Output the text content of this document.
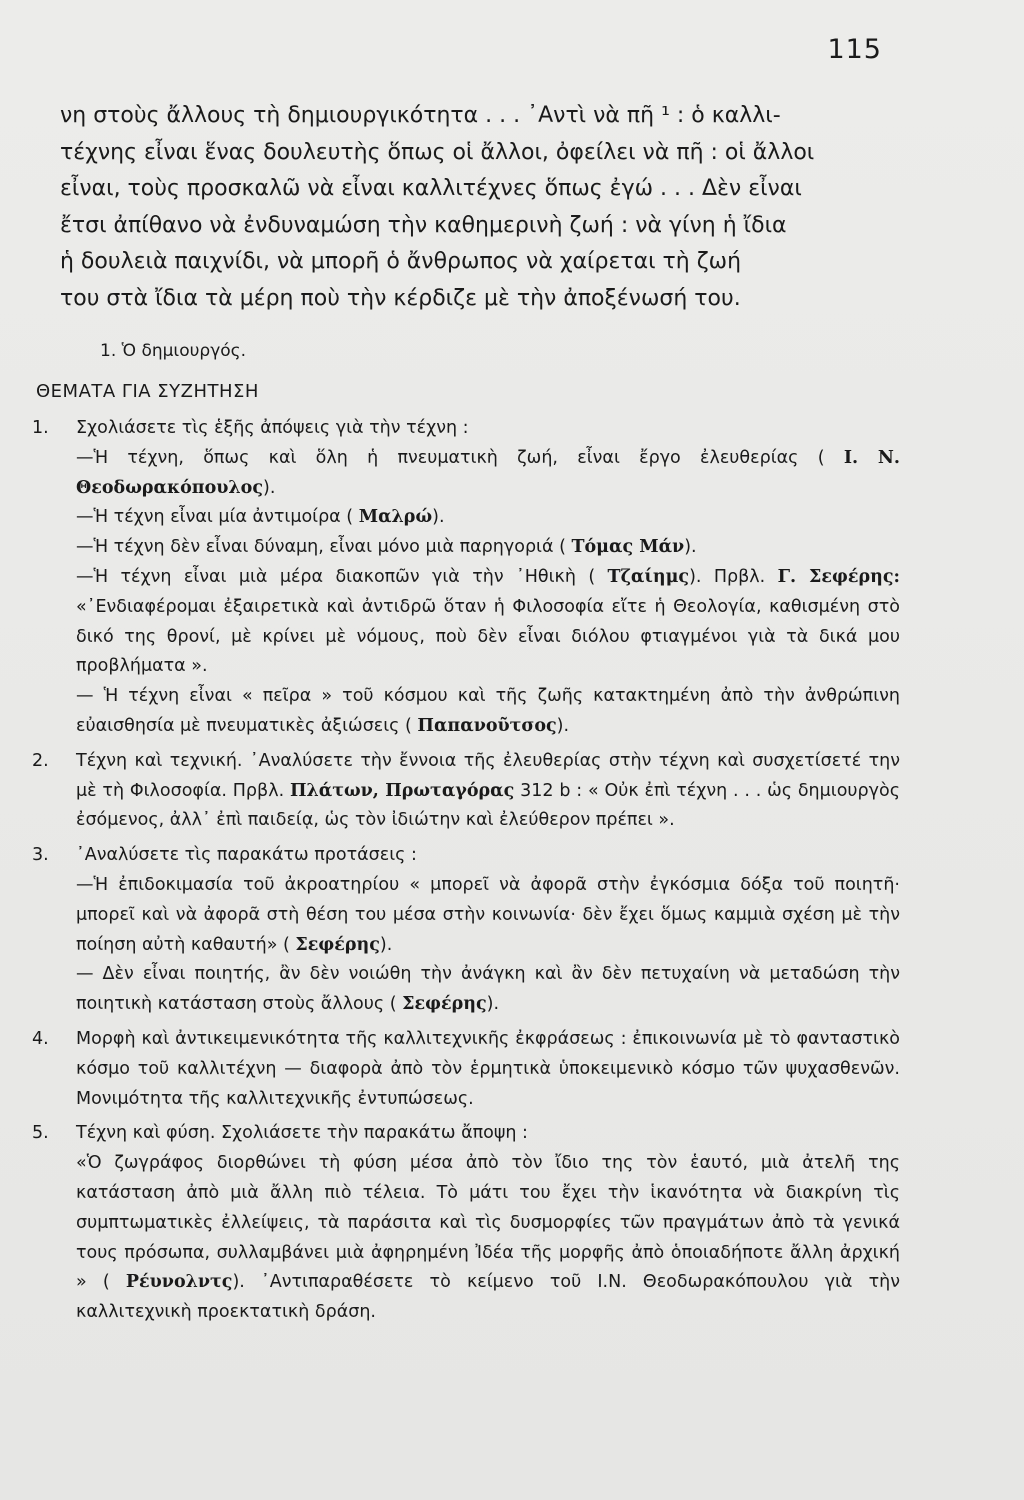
115

νη στοὺς ἄλλους τὴ δημιουργικότητα . . . ᾿Αντὶ νὰ πῆ ¹ : ὁ καλλι-

τέχνης εἶναι ἕνας δουλευτὴς ὅπως οἱ ἄλλοι, ὀφείλει νὰ πῆ : οἱ ἄλλοι

εἶναι, τοὺς προσκαλῶ νὰ εἶναι καλλιτέχνες ὅπως ἐγώ . . . Δὲν εἶναι

ἔτσι ἀπίθανο νὰ ἐνδυναμώση τὴν καθημερινὴ ζωή : νὰ γίνη ἡ ἴδια

ἡ δουλειὰ παιχνίδι, νὰ μπορῆ ὁ ἄνθρωπος νὰ χαίρεται τὴ ζωή

του στὰ ἴδια τὰ μέρη ποὺ τὴν κέρδιζε μὲ τὴν ἀποξένωσή του.

1. Ὁ δημιουργός.
ΘΕΜΑΤΑ ΓΙΑ ΣΥΖΗΤΗΣΗ
1.	Σχολιάσετε τὶς ἑξῆς ἀπόψεις γιὰ τὴν τέχνη :

—Ἡ τέχνη, ὅπως καὶ ὅλη ἡ πνευματικὴ ζωή, εἶναι ἔργο ἐλευθερίας ( Ι. Ν. Θεοδωρακόπουλος).

—Ἡ τέχνη εἶναι μία ἀντιμοίρα ( Μαλρώ).

—Ἡ τέχνη δὲν εἶναι δύναμη, εἶναι μόνο μιὰ παρηγοριά ( Τόμας Μάν).

—Ἡ τέχνη εἶναι μιὰ μέρα διακοπῶν γιὰ τὴν ᾿Ηθικὴ ( Τζαίημς). Πρβλ. Γ. Σεφέρης: «᾿Ενδιαφέρομαι ἐξαιρετικὰ καὶ ἀντιδρῶ ὅταν ἡ Φιλοσοφία εἴτε ἡ Θεολογία, καθισμένη στὸ δικό της θρονί, μὲ κρίνει μὲ νόμους, ποὺ δὲν εἶναι διόλου φτιαγμένοι γιὰ τὰ δικά μου προβλήματα ».

— Ἡ τέχνη εἶναι « πεῖρα » τοῦ κόσμου καὶ τῆς ζωῆς κατακτημένη ἀπὸ τὴν ἀνθρώπινη εὐαισθησία μὲ πνευματικὲς ἀξιώσεις ( Παπανοῦτσος).

2.	Τέχνη καὶ τεχνική. ᾿Αναλύσετε τὴν ἔννοια τῆς ἐλευθερίας στὴν τέχνη καὶ συσχετίσετέ την μὲ τὴ Φιλοσοφία. Πρβλ. Πλάτων, Πρωταγόρας 312 b : « Οὐκ ἐπὶ τέχνη . . . ὡς δημιουργὸς ἐσόμενος, ἀλλ᾿ ἐπὶ παιδείᾳ, ὡς τὸν ἰδιώτην καὶ ἐλεύθερον πρέπει ».

3.	᾿Αναλύσετε τὶς παρακάτω προτάσεις :

—Ἡ ἐπιδοκιμασία τοῦ ἀκροατηρίου « μπορεῖ νὰ ἀφορᾶ στὴν ἐγκόσμια δόξα τοῦ ποιητῆ· μπορεῖ καὶ νὰ ἀφορᾶ στὴ θέση του μέσα στὴν κοινωνία· δὲν ἔχει ὅμως καμμιὰ σχέση μὲ τὴν ποίηση αὐτὴ καθαυτή» ( Σεφέρης).

— Δὲν εἶναι ποιητής, ἂν δὲν νοιώθη τὴν ἀνάγκη καὶ ἂν δὲν πετυχαίνη νὰ μεταδώση τὴν ποιητικὴ κατάσταση στοὺς ἄλλους ( Σεφέρης).

4.	Μορφὴ καὶ ἀντικειμενικότητα τῆς καλλιτεχνικῆς ἐκφράσεως : ἐπικοινωνία μὲ τὸ φανταστικὸ κόσμο τοῦ καλλιτέχνη — διαφορὰ ἀπὸ τὸν ἑρμητικὰ ὑποκειμενικὸ κόσμο τῶν ψυχασθενῶν. Μονιμότητα τῆς καλλιτεχνικῆς ἐντυπώσεως.

5.	Τέχνη καὶ φύση. Σχολιάσετε τὴν παρακάτω ἄποψη :

«Ὁ ζωγράφος διορθώνει τὴ φύση μέσα ἀπὸ τὸν ἴδιο της τὸν ἑαυτό, μιὰ ἀτελῆ της κατάσταση ἀπὸ μιὰ ἄλλη πιὸ τέλεια. Τὸ μάτι του ἔχει τὴν ἱκανότητα νὰ διακρίνη τὶς συμπτωματικὲς ἐλλείψεις, τὰ παράσιτα καὶ τὶς δυσμορφίες τῶν πραγμάτων ἀπὸ τὰ γενικά τους πρόσωπα, συλλαμβάνει μιὰ ἀφηρημένη Ἰδέα τῆς μορφῆς ἀπὸ ὁποιαδήποτε ἄλλη ἀρχική » ( Ρέυνολντς). ᾿Αντιπαραθέσετε τὸ κείμενο τοῦ Ι.Ν. Θεοδωρακόπουλου γιὰ τὴν καλλιτεχνικὴ προεκτατικὴ δράση.
